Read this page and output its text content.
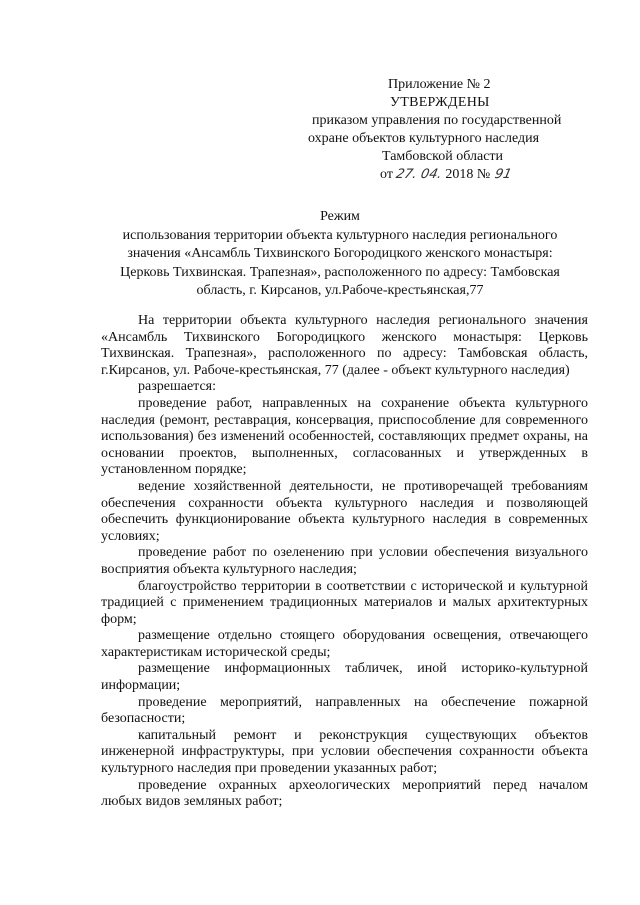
Приложение № 2
УТВЕРЖДЕНЫ
приказом управления по государственной
охране объектов культурного наследия
Тамбовской области
от 27. 04. 2018 № 91
Режим
использования территории объекта культурного наследия регионального
значения «Ансамбль Тихвинского Богородицкого женского монастыря:
Церковь Тихвинская. Трапезная», расположенного по адресу: Тамбовская
область, г. Кирсанов, ул.Рабоче-крестьянская,77

На территории объекта культурного наследия регионального значения «Ансамбль Тихвинского Богородицкого женского монастыря: Церковь Тихвинская. Трапезная», расположенного по адресу: Тамбовская область, г.Кирсанов, ул. Рабоче-крестьянская, 77 (далее - объект культурного наследия)

разрешается:

проведение работ, направленных на сохранение объекта культурного наследия (ремонт, реставрация, консервация, приспособление для современного использования) без изменений особенностей, составляющих предмет охраны, на основании проектов, выполненных, согласованных и утвержденных в установленном порядке;

ведение хозяйственной деятельности, не противоречащей требованиям обеспечения сохранности объекта культурного наследия и позволяющей обеспечить функционирование объекта культурного наследия в современных условиях;

проведение работ по озеленению при условии обеспечения визуального восприятия объекта культурного наследия;

благоустройство территории в соответствии с исторической и культурной традицией с применением традиционных материалов и малых архитектурных форм;

размещение отдельно стоящего оборудования освещения, отвечающего характеристикам исторической среды;

размещение информационных табличек, иной историко-культурной информации;

проведение мероприятий, направленных на обеспечение пожарной безопасности;

капитальный ремонт и реконструкция существующих объектов инженерной инфраструктуры, при условии обеспечения сохранности объекта культурного наследия при проведении указанных работ;

проведение охранных археологических мероприятий перед началом любых видов земляных работ;
